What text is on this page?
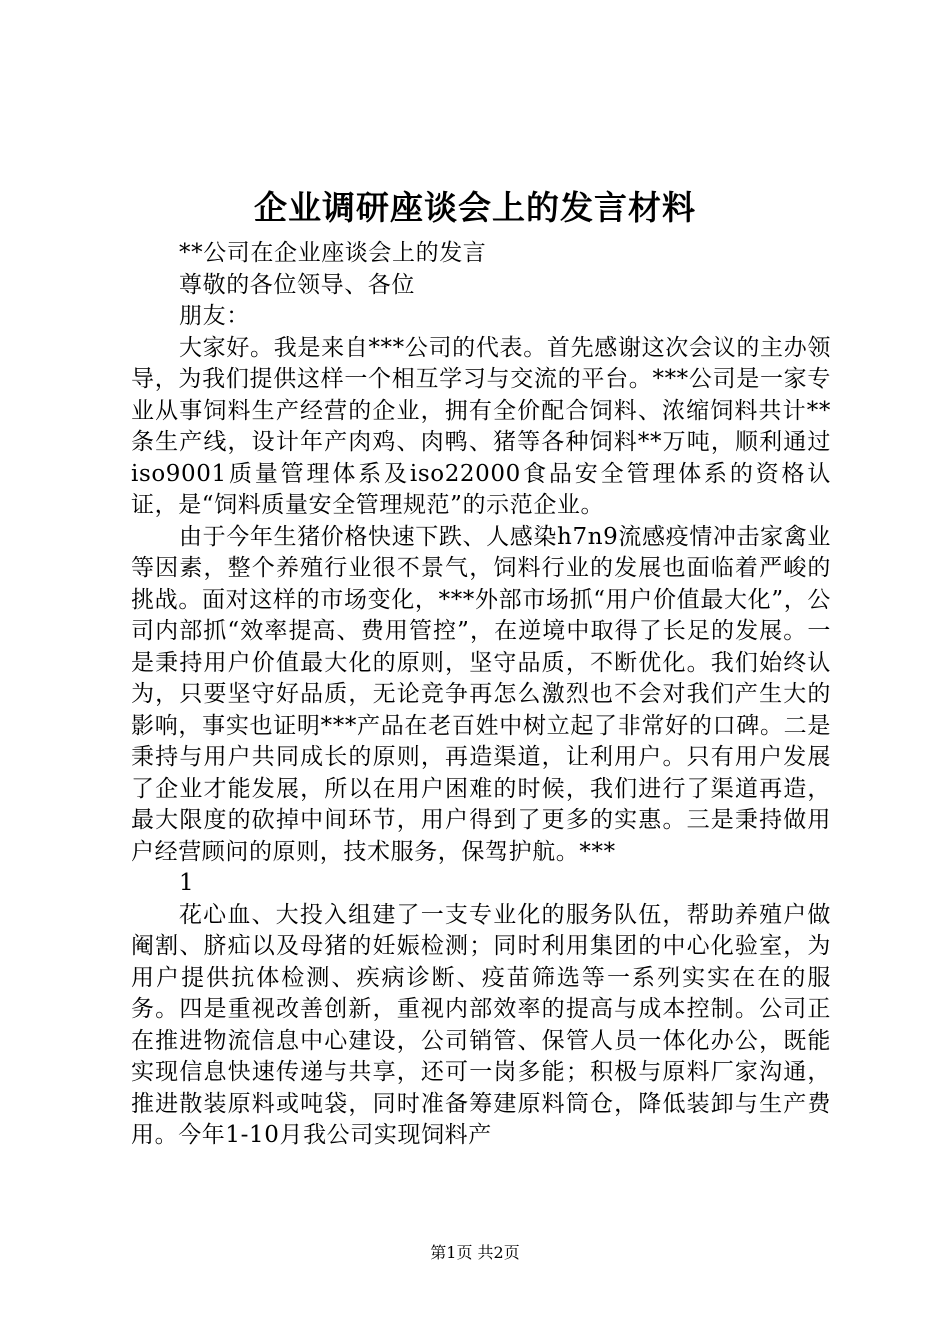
企业调研座谈会上的发言材料

**公司在企业座谈会上的发言

尊敬的各位领导、各位

朋友：

大家好。我是来自***公司的代表。首先感谢这次会议的主办领导，为我们提供这样一个相互学习与交流的平台。***公司是一家专业从事饲料生产经营的企业，拥有全价配合饲料、浓缩饲料共计**条生产线，设计年产肉鸡、肉鸭、猪等各种饲料**万吨，顺利通过iso9001质量管理体系及iso22000食品安全管理体系的资格认证，是“饲料质量安全管理规范”的示范企业。

由于今年生猪价格快速下跌、人感染h7n9流感疫情冲击家禽业等因素，整个养殖行业很不景气，饲料行业的发展也面临着严峻的挑战。面对这样的市场变化，***外部市场抓“用户价值最大化”，公司内部抓“效率提高、费用管控”，在逆境中取得了长足的发展。一是秉持用户价值最大化的原则，坚守品质，不断优化。我们始终认为，只要坚守好品质，无论竞争再怎么激烈也不会对我们产生大的影响，事实也证明***产品在老百姓中树立起了非常好的口碑。二是秉持与用户共同成长的原则，再造渠道，让利用户。只有用户发展了企业才能发展，所以在用户困难的时候，我们进行了渠道再造，最大限度的砍掉中间环节，用户得到了更多的实惠。三是秉持做用户经营顾问的原则，技术服务，保驾护航。***

1

花心血、大投入组建了一支专业化的服务队伍，帮助养殖户做阉割、脐疝以及母猪的妊娠检测；同时利用集团的中心化验室，为用户提供抗体检测、疾病诊断、疫苗筛选等一系列实实在在的服务。四是重视改善创新，重视内部效率的提高与成本控制。公司正在推进物流信息中心建设，公司销管、保管人员一体化办公，既能实现信息快速传递与共享，还可一岗多能；积极与原料厂家沟通，推进散装原料或吨袋，同时准备筹建原料筒仓，降低装卸与生产费用。今年1-10月我公司实现饲料产

第1页 共2页
